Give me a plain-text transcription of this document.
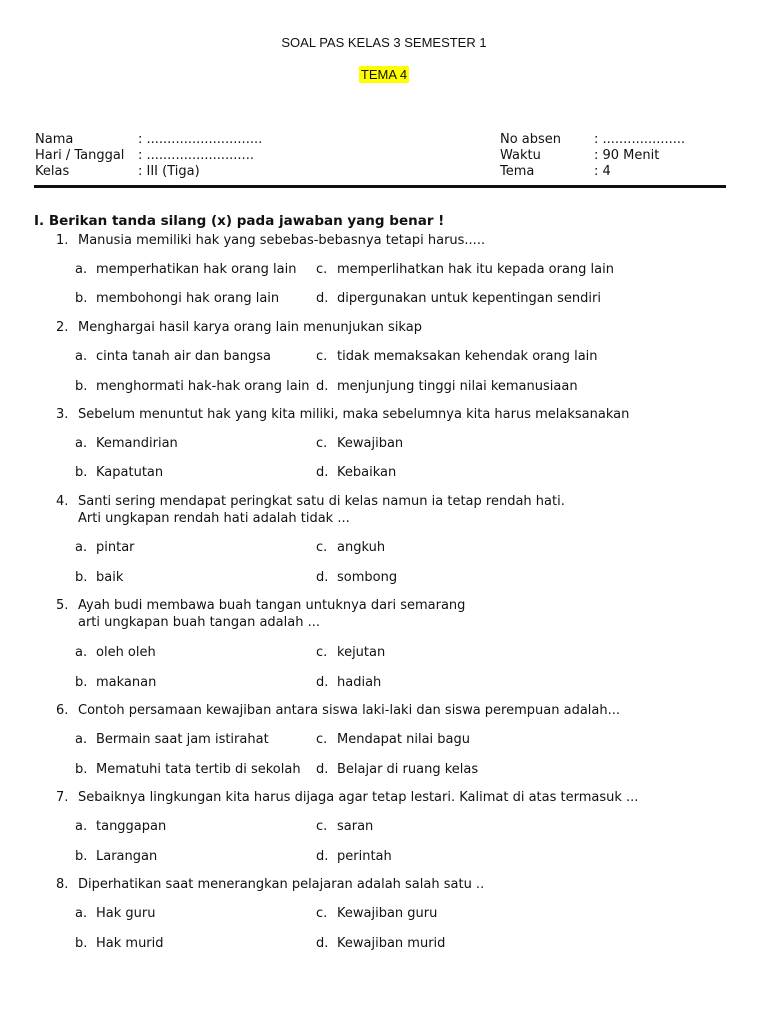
SOAL PAS KELAS 3 SEMESTER 1
TEMA 4
Nama	: ............................
Hari / Tanggal	: ..........................
Kelas	: III (Tiga)
No absen	: ....................
Waktu	: 90 Menit
Tema	: 4
I. Berikan tanda silang (x) pada jawaban yang benar !
1. Manusia memiliki hak yang sebebas-bebasnya tetapi harus.....
a. memperhatikan hak orang lain c. memperlihatkan hak itu kepada orang lain
b. membohongi hak orang lain	d. dipergunakan untuk kepentingan sendiri
2. Menghargai hasil karya orang lain menunjukan sikap
a. cinta tanah air dan bangsa	c. tidak memaksakan kehendak orang lain
b. menghormati hak-hak orang lain d. menjunjung tinggi nilai kemanusiaan
3. Sebelum menuntut hak yang kita miliki, maka sebelumnya kita harus melaksanakan
a. Kemandirian	c. Kewajiban
b. Kapatutan	d. Kebaikan
4. Santi sering mendapat peringkat satu di kelas namun ia tetap rendah hati.
Arti ungkapan rendah hati adalah tidak ...
a. pintar	c. angkuh
b. baik	d. sombong
5. Ayah budi membawa buah tangan untuknya dari semarang
arti ungkapan buah tangan adalah ...
a. oleh oleh	c. kejutan
b. makanan	d. hadiah
6. Contoh persamaan kewajiban antara siswa laki-laki dan siswa perempuan adalah...
a. Bermain saat jam istirahat	c. Mendapat nilai bagu
b. Mematuhi tata tertib di sekolah d. Belajar di ruang kelas
7. Sebaiknya lingkungan kita harus dijaga agar tetap lestari. Kalimat di atas termasuk ...
a. tanggapan	c. saran
b. Larangan	d. perintah
8. Diperhatikan saat menerangkan pelajaran adalah salah satu ..
a. Hak guru	c. Kewajiban guru
b. Hak murid	d. Kewajiban murid
